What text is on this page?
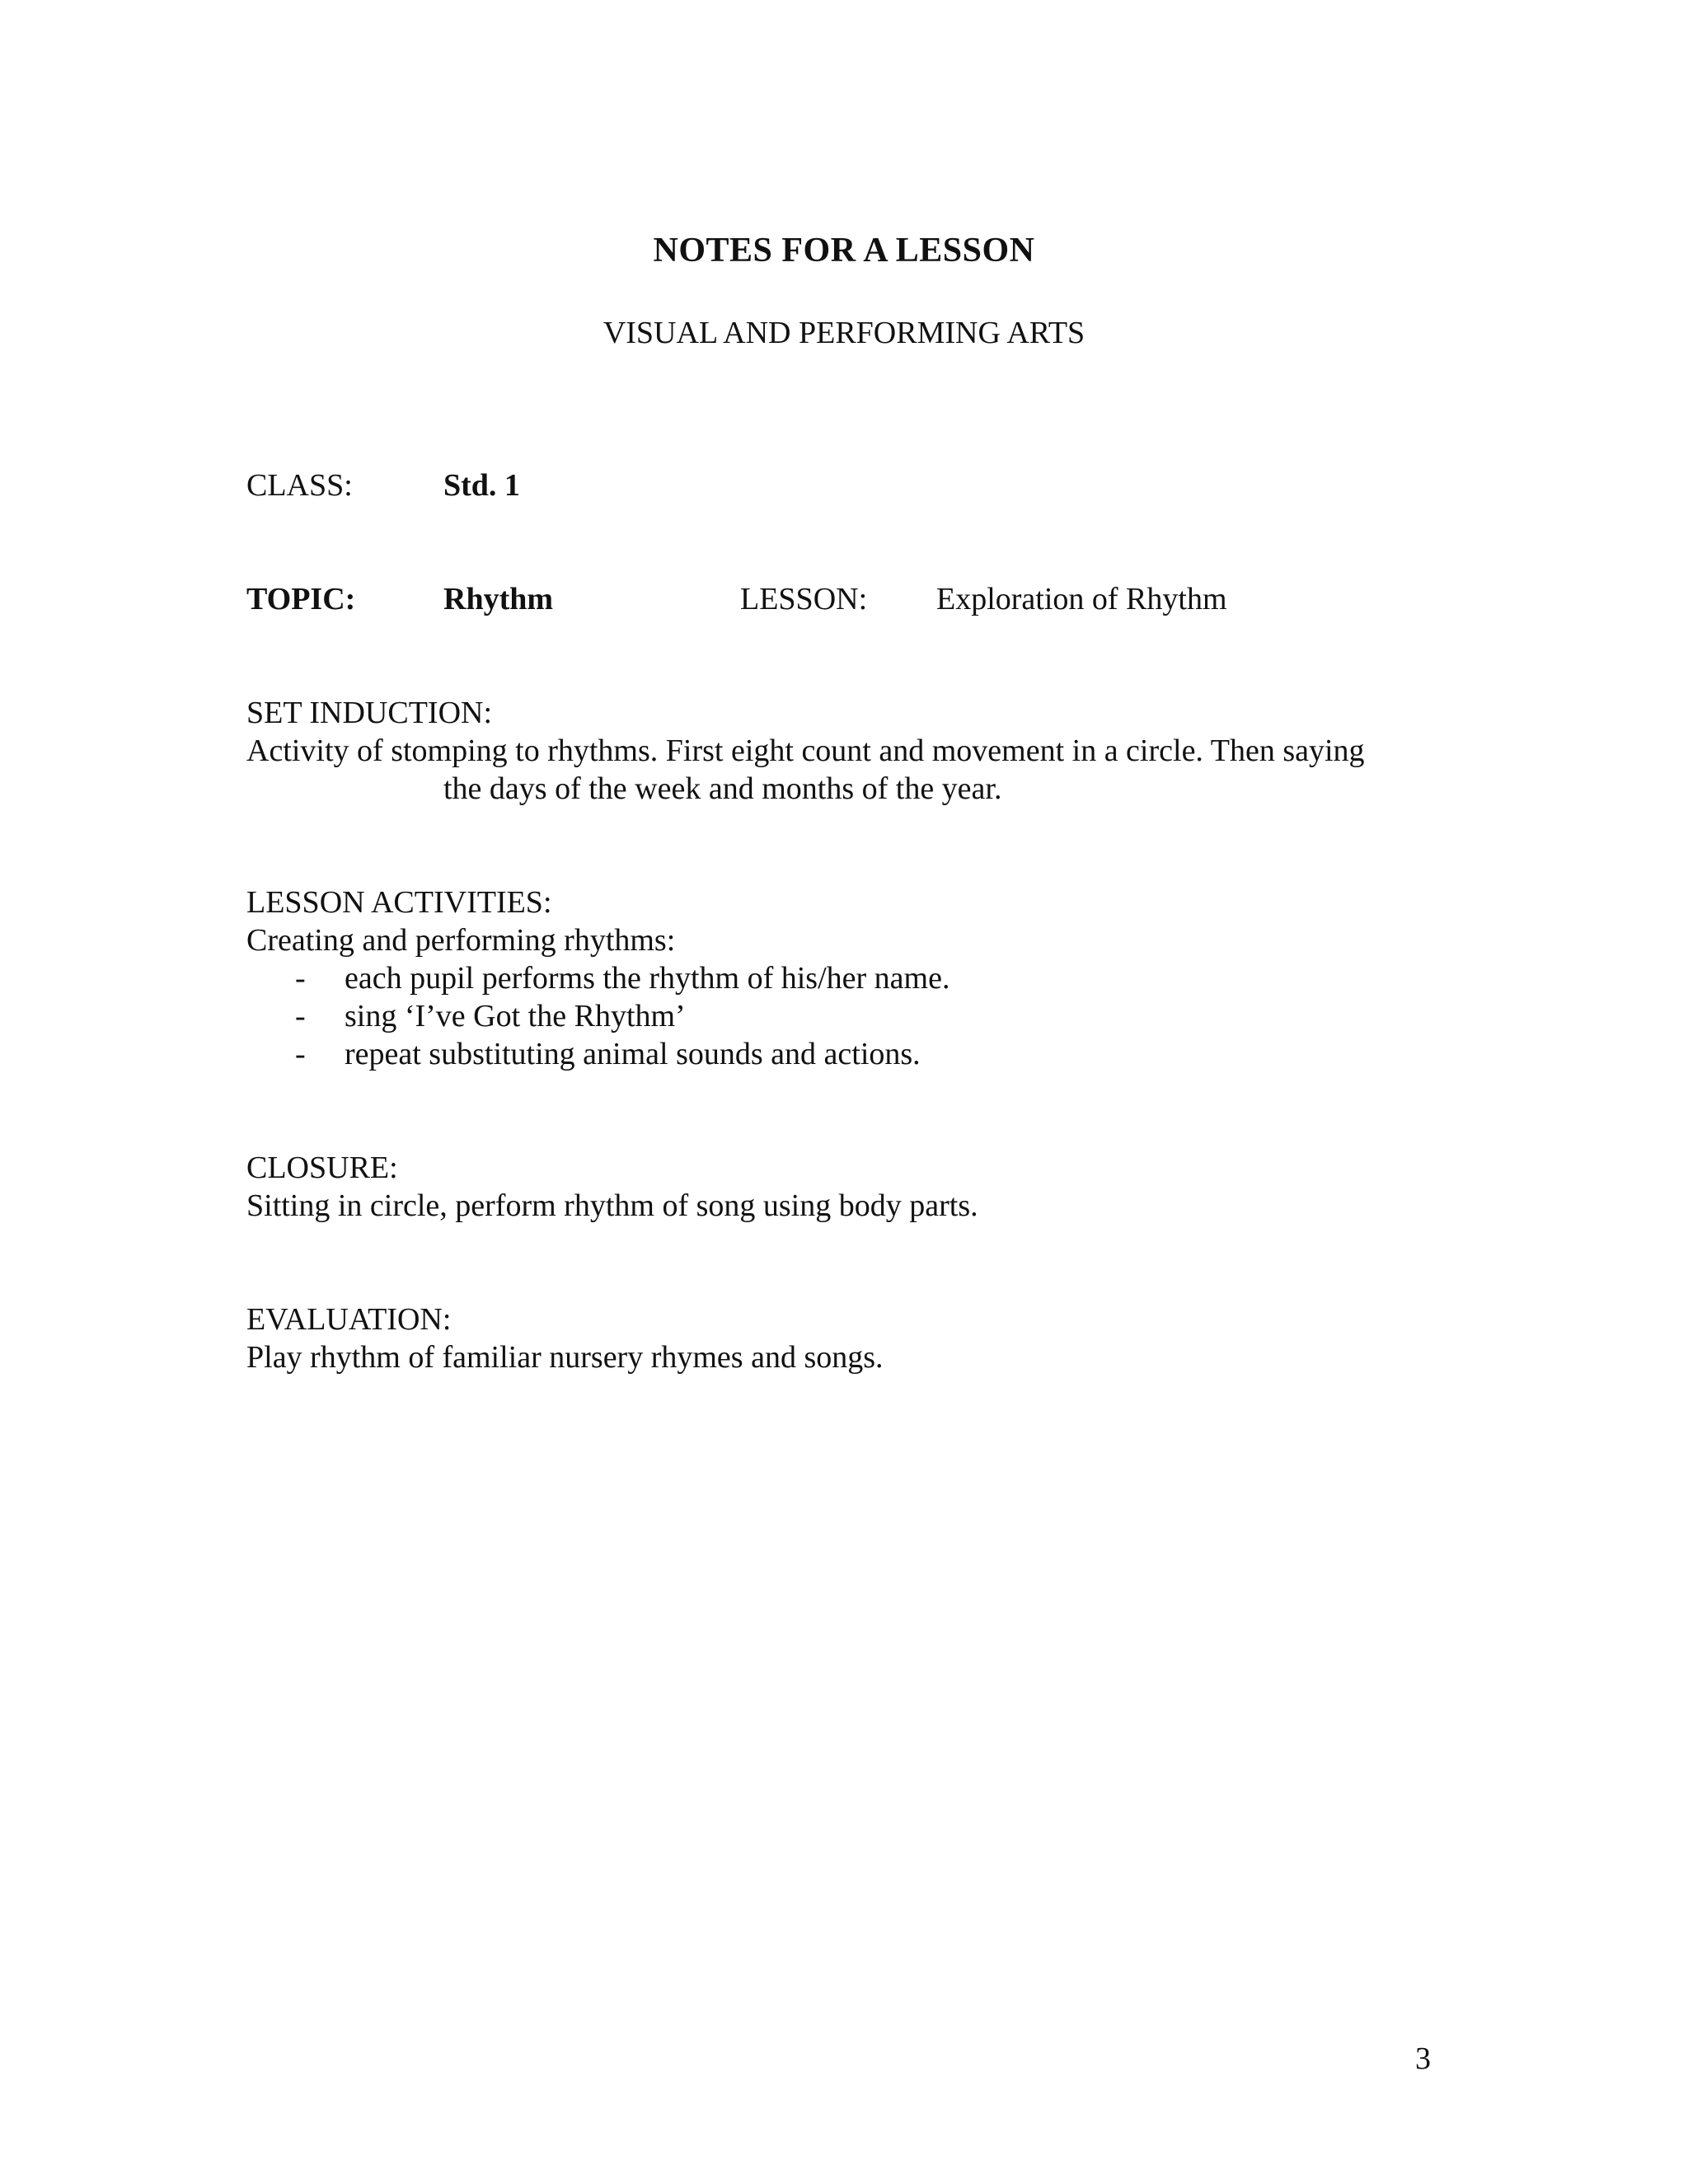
NOTES FOR A LESSON
VISUAL AND PERFORMING ARTS
CLASS:	Std. 1
TOPIC:	Rhythm	LESSON: Exploration of Rhythm
SET INDUCTION:
Activity of stomping to rhythms. First eight count and movement in a circle. Then saying
the days of the week and months of the year.
LESSON ACTIVITIES:
Creating and performing rhythms:
- each pupil performs the rhythm of his/her name.
- sing ‘I’ve Got the Rhythm’
- repeat substituting animal sounds and actions.
CLOSURE:
Sitting in circle, perform rhythm of song using body parts.
EVALUATION:
Play rhythm of familiar nursery rhymes and songs.
3
